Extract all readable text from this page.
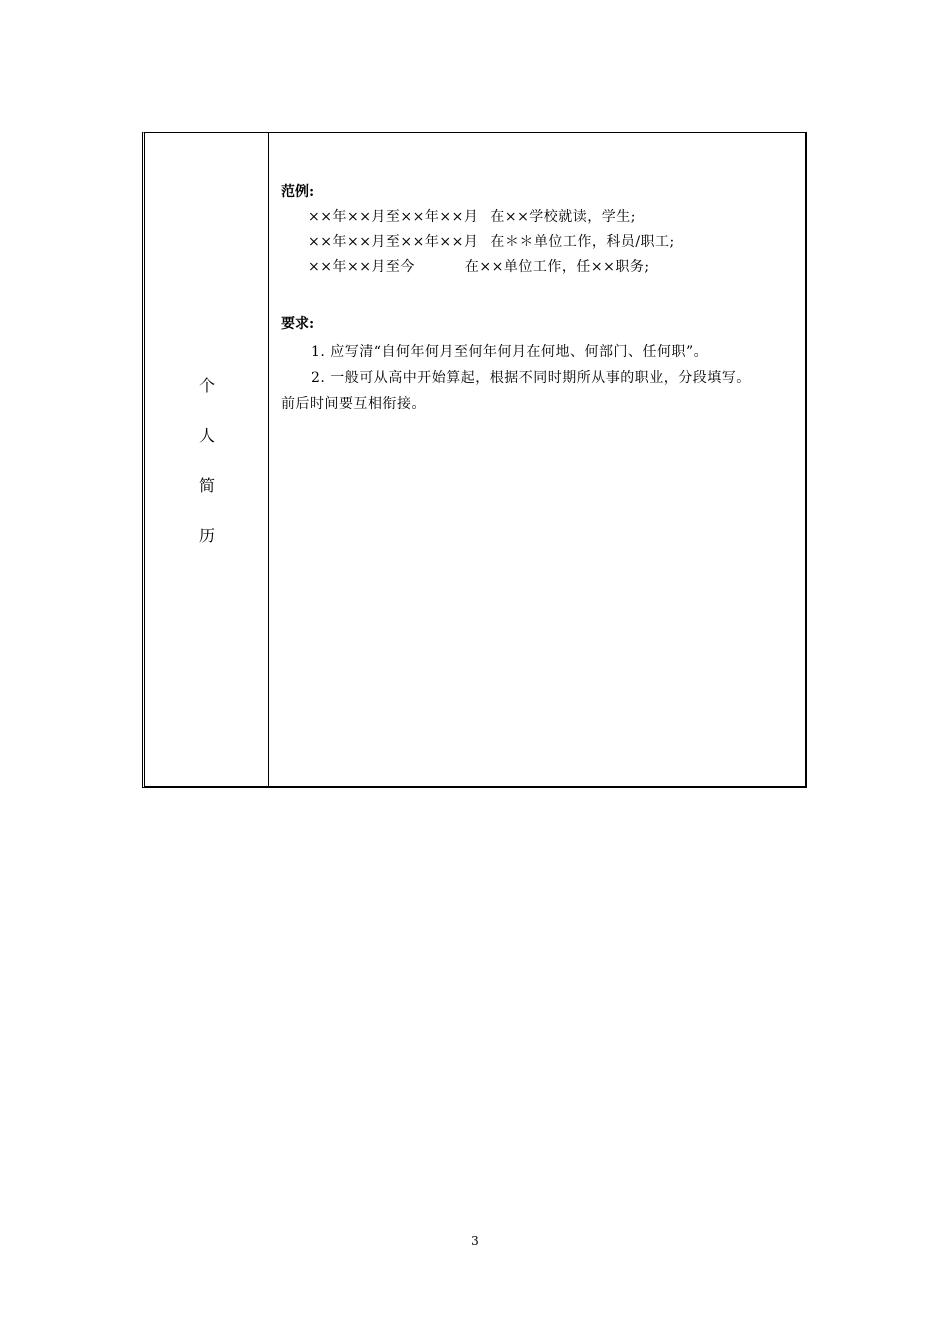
个
人
简
历
范例:
××年××月至××年××月 在××学校就读，学生;
××年××月至××年××月 在＊＊单位工作，科员/职工;
××年××月至今	在××单位工作，任××职务;
要求:
1. 应写清“自何年何月至何年何月在何地、何部门、任何职”。
2. 一般可从高中开始算起，根据不同时期所从事的职业，分段填写。
前后时间要互相衔接。
3
